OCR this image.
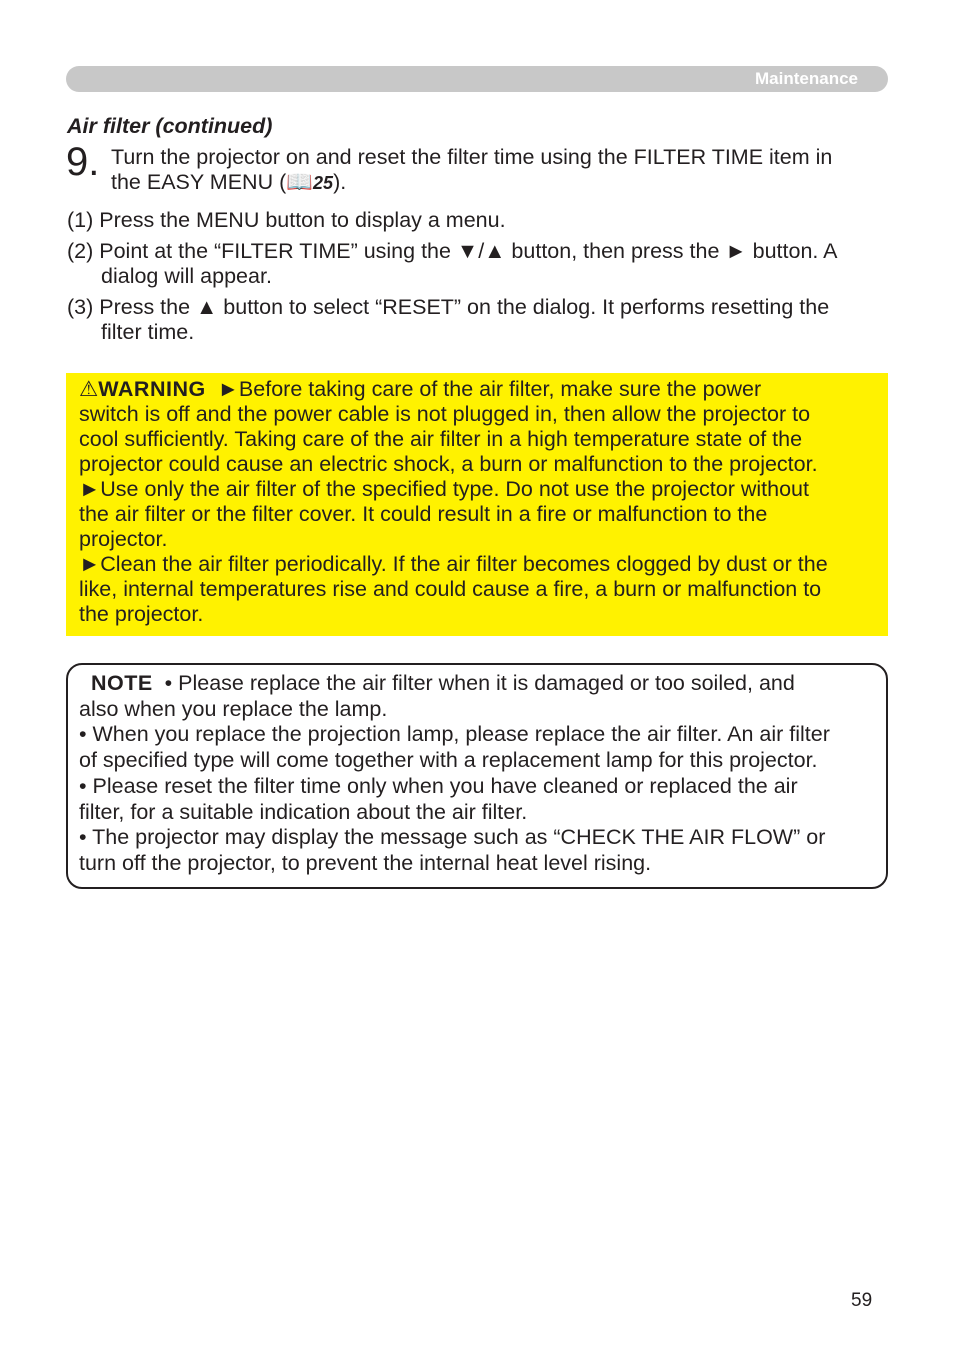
Maintenance
Air filter (continued)
9. Turn the projector on and reset the filter time using the FILTER TIME item in
the EASY MENU (📖25).
(1) Press the MENU button to display a menu.
(2) Point at the “FILTER TIME” using the ▼/▲ button, then press the ► button. A
dialog will appear.
(3) Press the ▲ button to select “RESET” on the dialog. It performs resetting the
filter time.
⚠WARNING ►Before taking care of the air filter, make sure the power
switch is off and the power cable is not plugged in, then allow the projector to
cool sufficiently. Taking care of the air filter in a high temperature state of the
projector could cause an electric shock, a burn or malfunction to the projector.
►Use only the air filter of the specified type. Do not use the projector without
the air filter or the filter cover. It could result in a fire or malfunction to the
projector.
►Clean the air filter periodically. If the air filter becomes clogged by dust or the
like, internal temperatures rise and could cause a fire, a burn or malfunction to
the projector.
NOTE • Please replace the air filter when it is damaged or too soiled, and
also when you replace the lamp.
• When you replace the projection lamp, please replace the air filter. An air filter
of specified type will come together with a replacement lamp for this projector.
• Please reset the filter time only when you have cleaned or replaced the air
filter, for a suitable indication about the air filter.
• The projector may display the message such as “CHECK THE AIR FLOW” or
turn off the projector, to prevent the internal heat level rising.
59
